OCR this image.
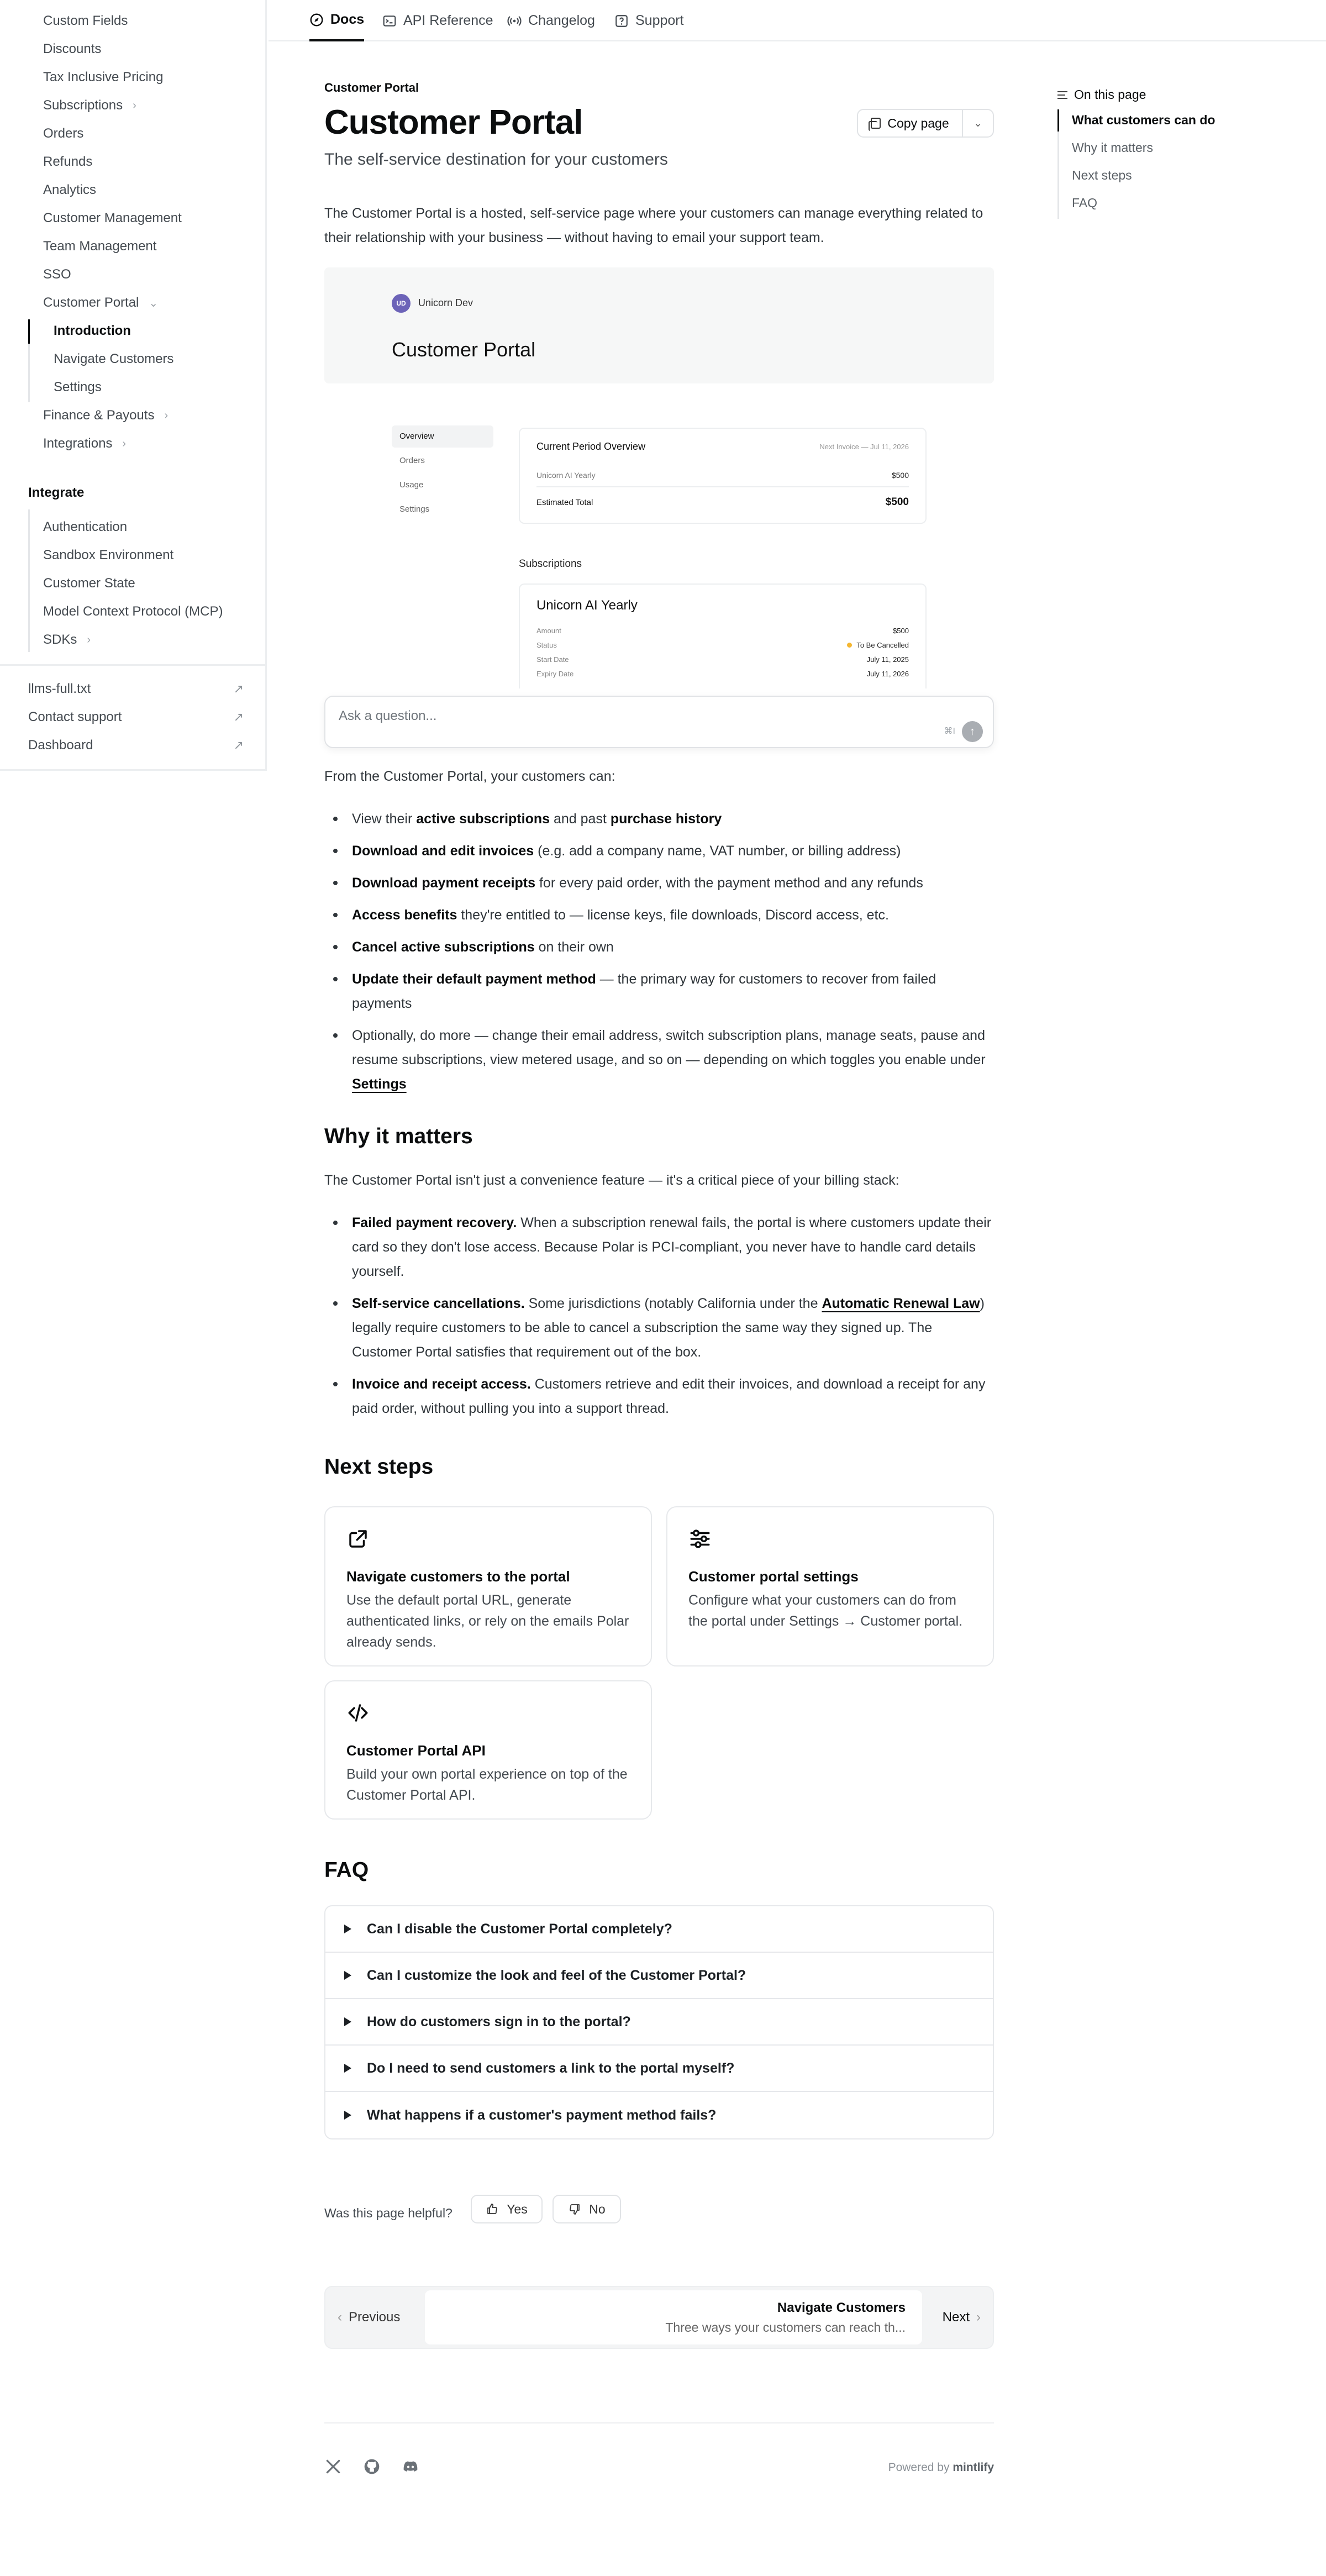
Custom Fields
Discounts
Tax Inclusive Pricing
Subscriptions ›
Orders
Refunds
Analytics
Customer Management
Team Management
SSO
Customer Portal ⌄
Introduction
Navigate Customers
Settings
Finance & Payouts ›
Integrations ›
Integrate
Authentication
Sandbox Environment
Customer State
Model Context Protocol (MCP)
SDKs ›
llms-full.txt	↗
Contact support	↗
Dashboard	↗
Docs	API Reference	Changelog	Support
On this page
What customers can do
Why it matters
Next steps
FAQ
Customer Portal
Customer Portal
The self-service destination for your customers
Copy page ⌄

The Customer Portal is a hosted, self-service page where your customers can manage everything related to their relationship with your business — without having to email your support team.

UD	Unicorn Dev
Customer Portal
Overview
Orders
Usage
Settings
Current Period Overview	Next Invoice — Jul 11, 2026
Unicorn AI Yearly	$500
Estimated Total	$500
Subscriptions
Unicorn AI Yearly
Amount	$500
Status	To Be Cancelled
Start Date	July 11, 2025
Expiry Date	July 11, 2026
Ask a question...
⌘I ↑

From the Customer Portal, your customers can:

View their active subscriptions and past purchase history
Download and edit invoices (e.g. add a company name, VAT number, or billing address)
Download payment receipts for every paid order, with the payment method and any refunds
Access benefits they're entitled to — license keys, file downloads, Discord access, etc.
Cancel active subscriptions on their own
Update their default payment method — the primary way for customers to recover from failed payments
Optionally, do more — change their email address, switch subscription plans, manage seats, pause and resume subscriptions, view metered usage, and so on — depending on which toggles you enable under Settings
Why it matters

The Customer Portal isn't just a convenience feature — it's a critical piece of your billing stack:

Failed payment recovery. When a subscription renewal fails, the portal is where customers update their card so they don't lose access. Because Polar is PCI-compliant, you never have to handle card details yourself.
Self-service cancellations. Some jurisdictions (notably California under the Automatic Renewal Law) legally require customers to be able to cancel a subscription the same way they signed up. The Customer Portal satisfies that requirement out of the box.
Invoice and receipt access. Customers retrieve and edit their invoices, and download a receipt for any paid order, without pulling you into a support thread.
Next steps
Navigate customers to the portal
Use the default portal URL, generate authenticated links, or rely on the emails Polar already sends.
Customer portal settings
Configure what your customers can do from the portal under Settings → Customer portal.
Customer Portal API
Build your own portal experience on top of the Customer Portal API.
FAQ
Can I disable the Customer Portal completely?
Can I customize the look and feel of the Customer Portal?
How do customers sign in to the portal?
Do I need to send customers a link to the portal myself?
What happens if a customer's payment method fails?
Was this page helpful?	Yes	No
‹ Previous
Navigate Customers
Three ways your customers can reach th...
Next ›
Powered by mintlify
